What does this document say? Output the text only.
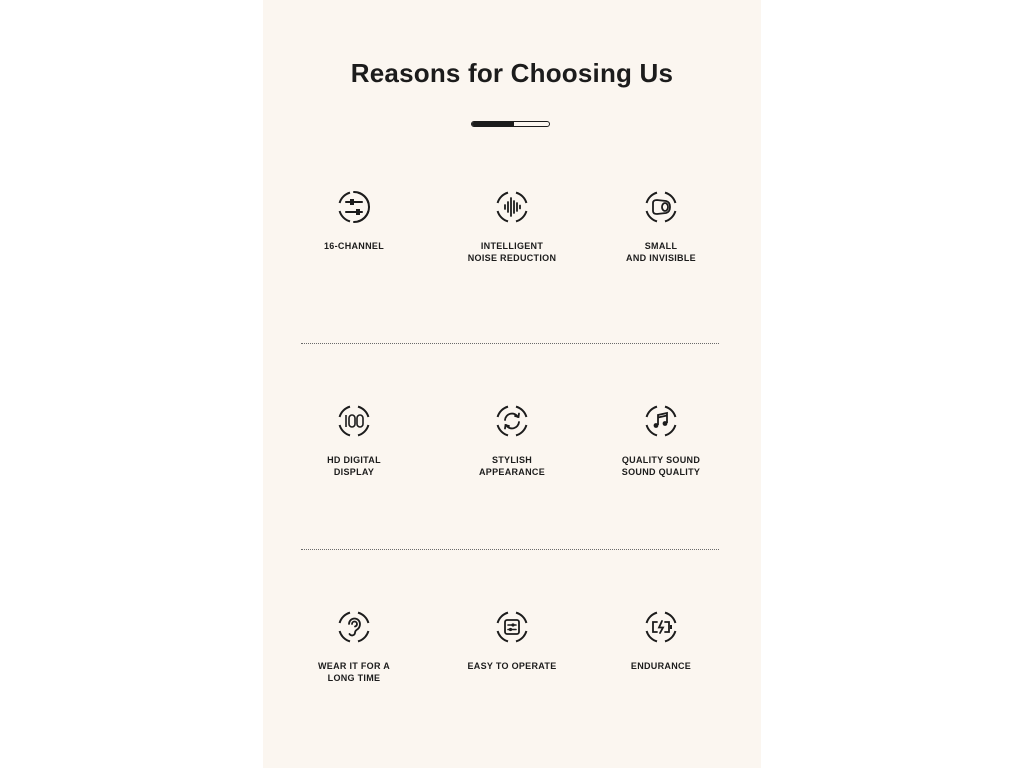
Reasons for Choosing Us
16-CHANNEL	INTELLIGENT
NOISE REDUCTION
SMALL
AND INVISIBLE
HD DIGITAL
DISPLAY
STYLISH
APPEARANCE
QUALITY SOUND
SOUND QUALITY
WEAR IT FOR A
LONG TIME
EASY TO OPERATE	ENDURANCE
